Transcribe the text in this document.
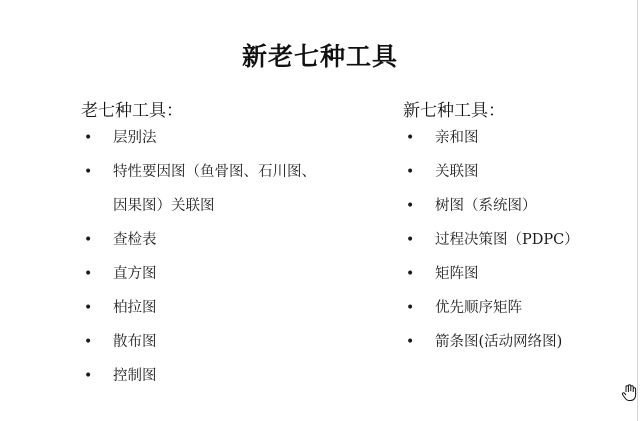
新老七种工具
老七种工具：
• 层别法
• 特性要因图（鱼骨图、石川图、
因果图）关联图
• 查检表
• 直方图
• 柏拉图
• 散布图
• 控制图
新七种工具：
• 亲和图
• 关联图
• 树图（系统图）
• 过程决策图（PDPC）
• 矩阵图
• 优先顺序矩阵
• 箭条图(活动网络图)
